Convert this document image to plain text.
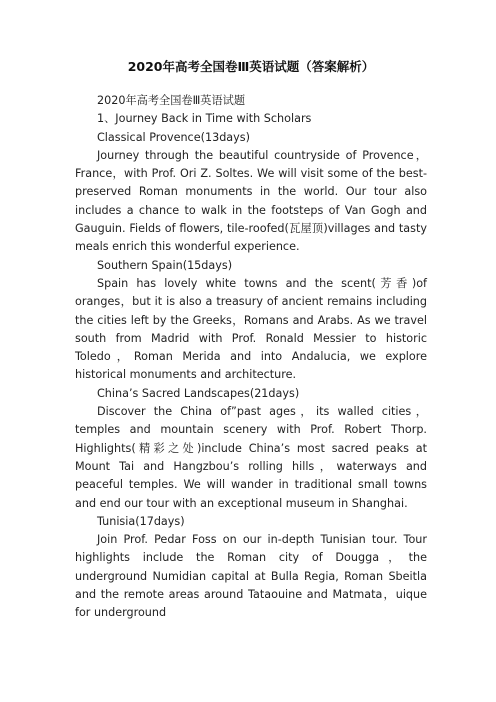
2020年高考全国卷Ⅲ英语试题（答案解析）

2020年高考全国卷Ⅲ英语试题

1、Journey Back in Time with Scholars

Classical Provence(13days)

Journey through the beautiful countryside of Provence，France，with Prof. Ori Z. Soltes. We will visit some of the best-preserved Roman monuments in the world. Our tour also includes a chance to walk in the footsteps of Van Gogh and Gauguin. Fields of flowers, tile-roofed(瓦屋顶)villages and tasty meals enrich this wonderful experience.

Southern Spain(15days)

Spain has lovely white towns and the scent(芳香)of oranges，but it is also a treasury of ancient remains including the cities left by the Greeks，Romans and Arabs. As we travel south from Madrid with Prof. Ronald Messier to historic Toledo，Roman Merida and into Andalucia, we explore historical monuments and architecture.

China’s Sacred Landscapes(21days)

Discover the China of”past ages，its walled cities，temples and mountain scenery with Prof. Robert Thorp. Highlights(精彩之处)include China’s most sacred peaks at Mount Tai and Hangzbou’s rolling hills，waterways and peaceful temples. We will wander in traditional small towns and end our tour with an exceptional museum in Shanghai.

Tunisia(17days)

Join Prof. Pedar Foss on our in-depth Tunisian tour. Tour highlights include the Roman city of Dougga，the underground Numidian capital at Bulla Regia, Roman Sbeitla and the remote areas around Tataouine and Matmata，uique for underground
